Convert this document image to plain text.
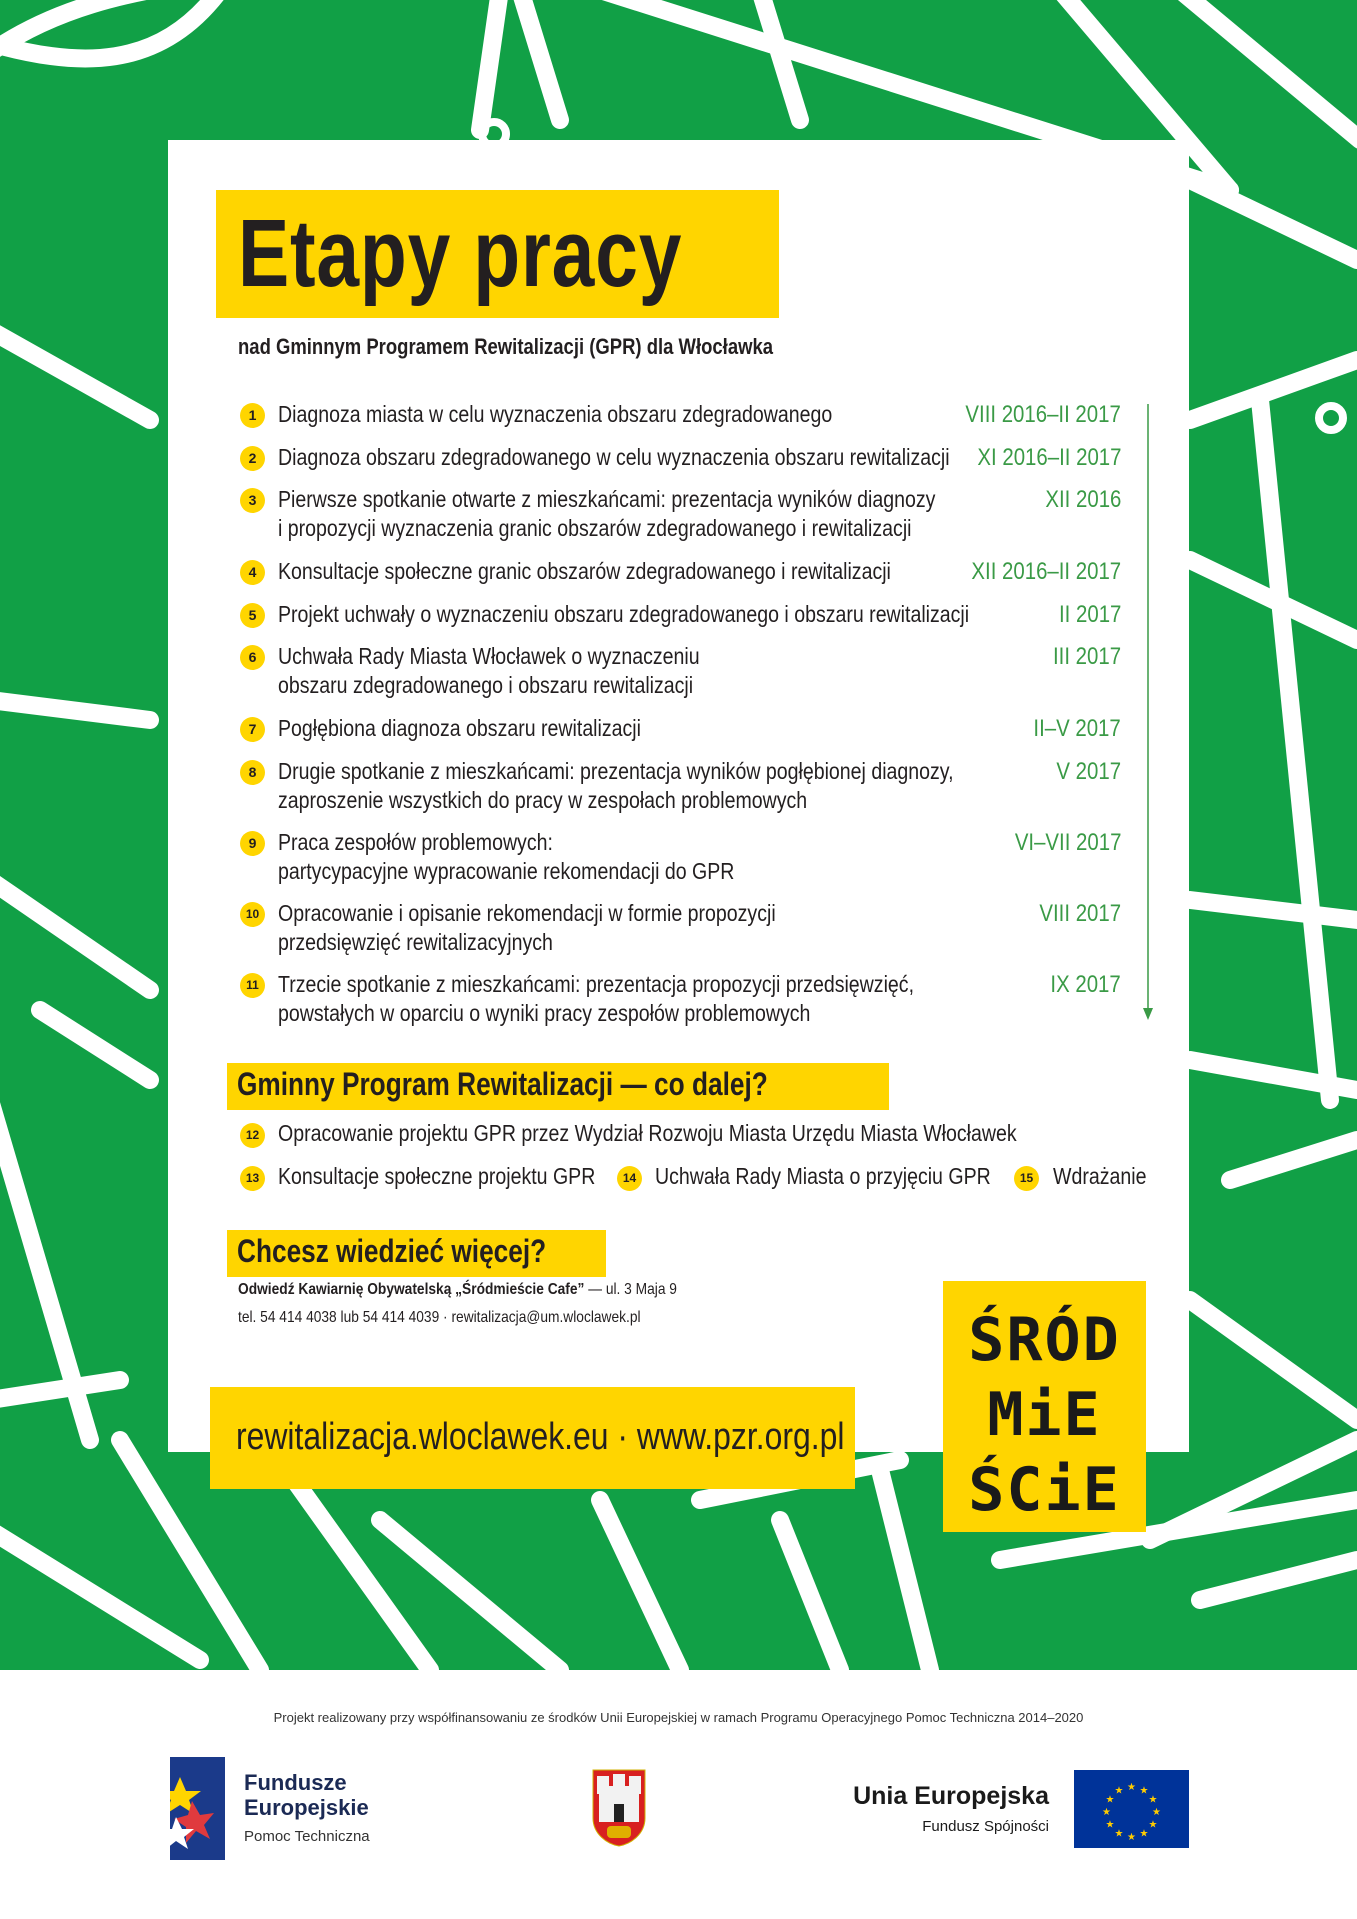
Etapy pracy
nad Gminnym Programem Rewitalizacji (GPR) dla Włocławka
1 Diagnoza miasta w celu wyznaczenia obszaru zdegradowanego	VIII 2016–II 2017
2 Diagnoza obszaru zdegradowanego w celu wyznaczenia obszaru rewitalizacji XI 2016–II 2017
3 Pierwsze spotkanie otwarte z mieszkańcami: prezentacja wyników diagnozy
i propozycji wyznaczenia granic obszarów zdegradowanego i rewitalizacji
XII 2016
4 Konsultacje społeczne granic obszarów zdegradowanego i rewitalizacji	XII 2016–II 2017
5 Projekt uchwały o wyznaczeniu obszaru zdegradowanego i obszaru rewitalizacji	II 2017
6 Uchwała Rady Miasta Włocławek o wyznaczeniu
obszaru zdegradowanego i obszaru rewitalizacji
III 2017
7 Pogłębiona diagnoza obszaru rewitalizacji	II–V 2017
8 Drugie spotkanie z mieszkańcami: prezentacja wyników pogłębionej diagnozy,
zaproszenie wszystkich do pracy w zespołach problemowych
V 2017
9 Praca zespołów problemowych:
partycypacyjne wypracowanie rekomendacji do GPR
VI–VII 2017
10 Opracowanie i opisanie rekomendacji w formie propozycji
przedsięwzięć rewitalizacyjnych
VIII 2017
11 Trzecie spotkanie z mieszkańcami: prezentacja propozycji przedsięwzięć,
powstałych w oparciu o wyniki pracy zespołów problemowych
IX 2017
Gminny Program Rewitalizacji — co dalej?
12 Opracowanie projektu GPR przez Wydział Rozwoju Miasta Urzędu Miasta Włocławek
13 Konsultacje społeczne projektu GPR	14 Uchwała Rady Miasta o przyjęciu GPR	15 Wdrażanie
Chcesz wiedzieć więcej?
Odwiedź Kawiarnię Obywatelską „Śródmieście Cafe” — ul. 3 Maja 9
tel. 54 414 4038 lub 54 414 4039 · rewitalizacja@um.wloclawek.pl
rewitalizacja.wloclawek.eu · www.pzr.org.pl
ŚRÓD
MiE
ŚCiE
Projekt realizowany przy współfinansowaniu ze środków Unii Europejskiej w ramach Programu Operacyjnego Pomoc Techniczna 2014–2020
Fundusze
Europejskie
Pomoc Techniczna
Unia Europejska
Fundusz Spójności
★ ★
★
★
★
★
★
★
★
★
★
★
